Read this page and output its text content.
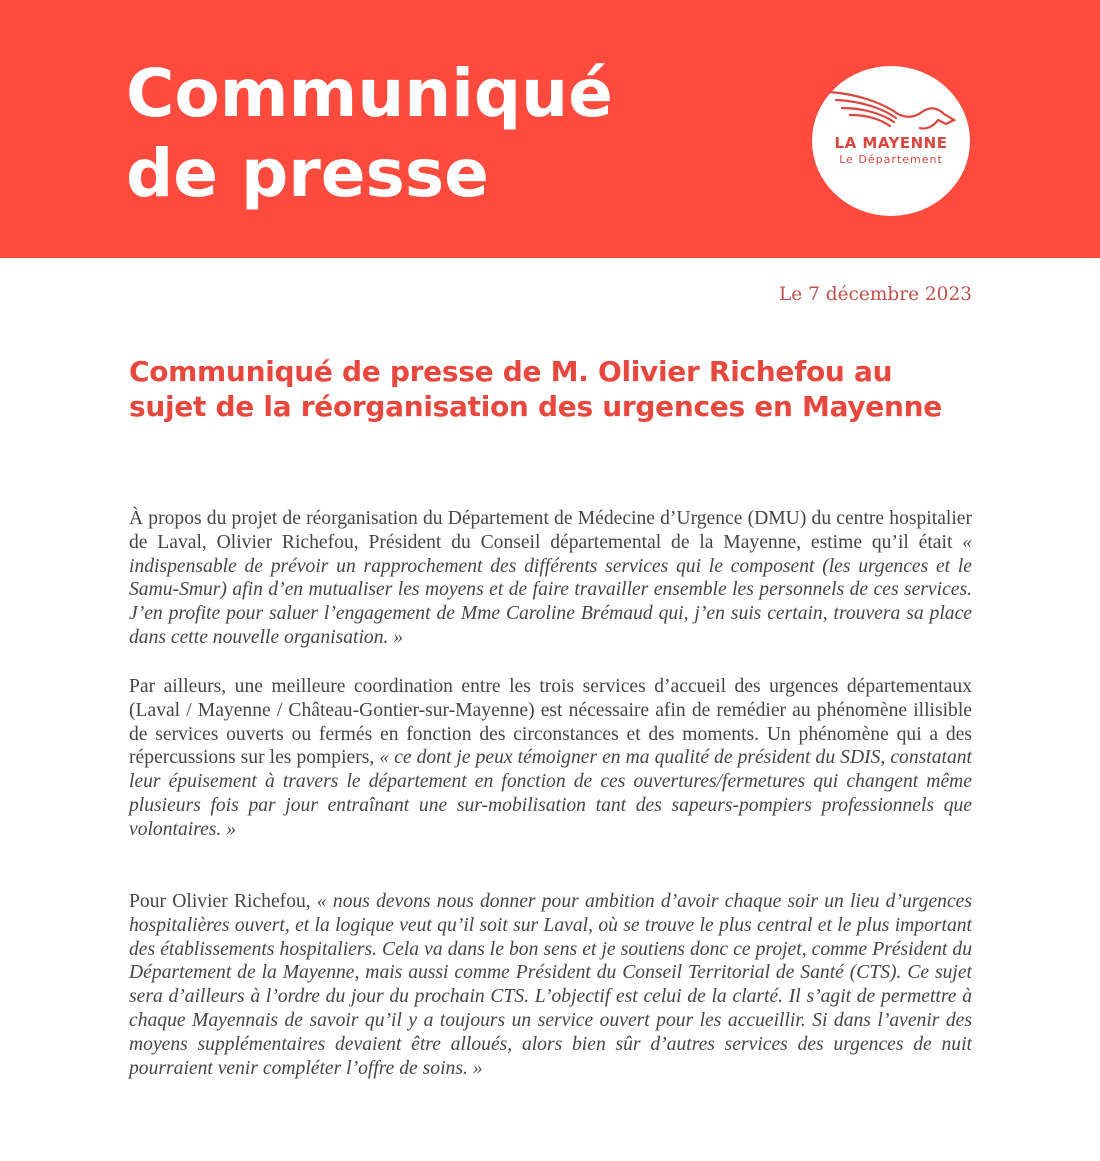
Communiqué
de presse	LA MAYENNE
Le Département
Le 7 décembre 2023
Communiqué de presse de M. Olivier Richefou au sujet de la réorganisation des urgences en Mayenne

À propos du projet de réorganisation du Département de Médecine d’Urgence (DMU) du centre hospitalier de Laval, Olivier Richefou, Président du Conseil départemental de la Mayenne, estime qu’il était « indispensable de prévoir un rapprochement des différents services qui le composent (les urgences et le Samu-Smur) afin d’en mutualiser les moyens et de faire travailler ensemble les personnels de ces services. J’en profite pour saluer l’engagement de Mme Caroline Brémaud qui, j’en suis certain, trouvera sa place dans cette nouvelle organisation. »

Par ailleurs, une meilleure coordination entre les trois services d’accueil des urgences départementaux (Laval / Mayenne / Château-Gontier-sur-Mayenne) est nécessaire afin de remédier au phénomène illisible de services ouverts ou fermés en fonction des circonstances et des moments. Un phénomène qui a des répercussions sur les pompiers, « ce dont je peux témoigner en ma qualité de président du SDIS, constatant leur épuisement à travers le département en fonction de ces ouvertures/fermetures qui changent même plusieurs fois par jour entraînant une sur-mobilisation tant des sapeurs-pompiers professionnels que volontaires. »

Pour Olivier Richefou, « nous devons nous donner pour ambition d’avoir chaque soir un lieu d’urgences hospitalières ouvert, et la logique veut qu’il soit sur Laval, où se trouve le plus central et le plus important des établissements hospitaliers. Cela va dans le bon sens et je soutiens donc ce projet, comme Président du Département de la Mayenne, mais aussi comme Président du Conseil Territorial de Santé (CTS). Ce sujet sera d’ailleurs à l’ordre du jour du prochain CTS. L’objectif est celui de la clarté. Il s’agit de permettre à chaque Mayennais de savoir qu’il y a toujours un service ouvert pour les accueillir. Si dans l’avenir des moyens supplémentaires devaient être alloués, alors bien sûr d’autres services des urgences de nuit pourraient venir compléter l’offre de soins. »
